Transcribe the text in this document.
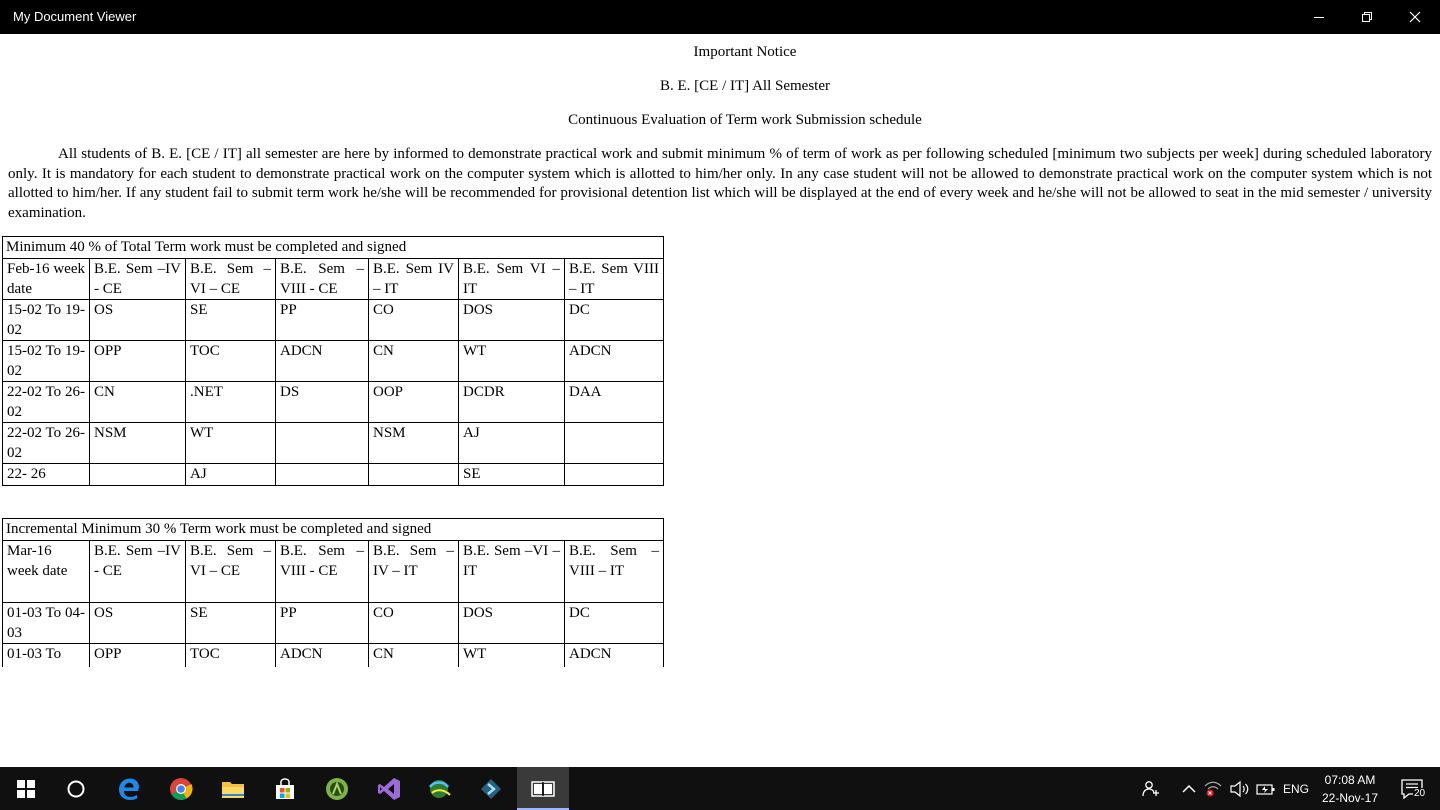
My Document Viewer
Important Notice
B. E. [CE / IT] All Semester
Continuous Evaluation of Term work Submission schedule
All students of B. E. [CE / IT] all semester are here by informed to demonstrate practical work and submit minimum % of term of work as per following scheduled [minimum two subjects per week] during scheduled laboratory only. It is mandatory for each student to demonstrate practical work on the computer system which is allotted to him/her only. In any case student will not be allowed to demonstrate practical work on the computer system which is not allotted to him/her. If any student fail to submit term work he/she will be recommended for provisional detention list which will be displayed at the end of every week and he/she will not be allowed to seat in the mid semester / university examination.
Minimum 40 % of Total Term work must be completed and signed						
Feb-16 week date	B.E. Sem –IV - CE	B.E. Sem –VI – CE	B.E. Sem –VIII - CE	B.E. Sem IV – IT	B.E. Sem VI –IT	B.E. Sem VIII – IT
15-02 To 19-02	OS	SE	PP	CO	DOS	DC
15-02 To 19-02	OPP	TOC	ADCN	CN	WT	ADCN
22-02 To 26-02	CN	.NET	DS	OOP	DCDR	DAA
22-02 To 26-02	NSM	WT		NSM	AJ	
22- 26		AJ			SE	
Incremental Minimum 30 % Term work must be completed and signed						
Mar-16 week date	B.E. Sem –IV - CE	B.E. Sem –VI – CE	B.E. Sem –VIII - CE	B.E. Sem –IV – IT	B.E. Sem –VI –IT	B.E. Sem –VIII – IT
01-03 To 04-03	OS	SE	PP	CO	DOS	DC
01-03 To	OPP	TOC	ADCN	CN	WT	ADCN
ENG
07:08 AM
22-Nov-17	20
